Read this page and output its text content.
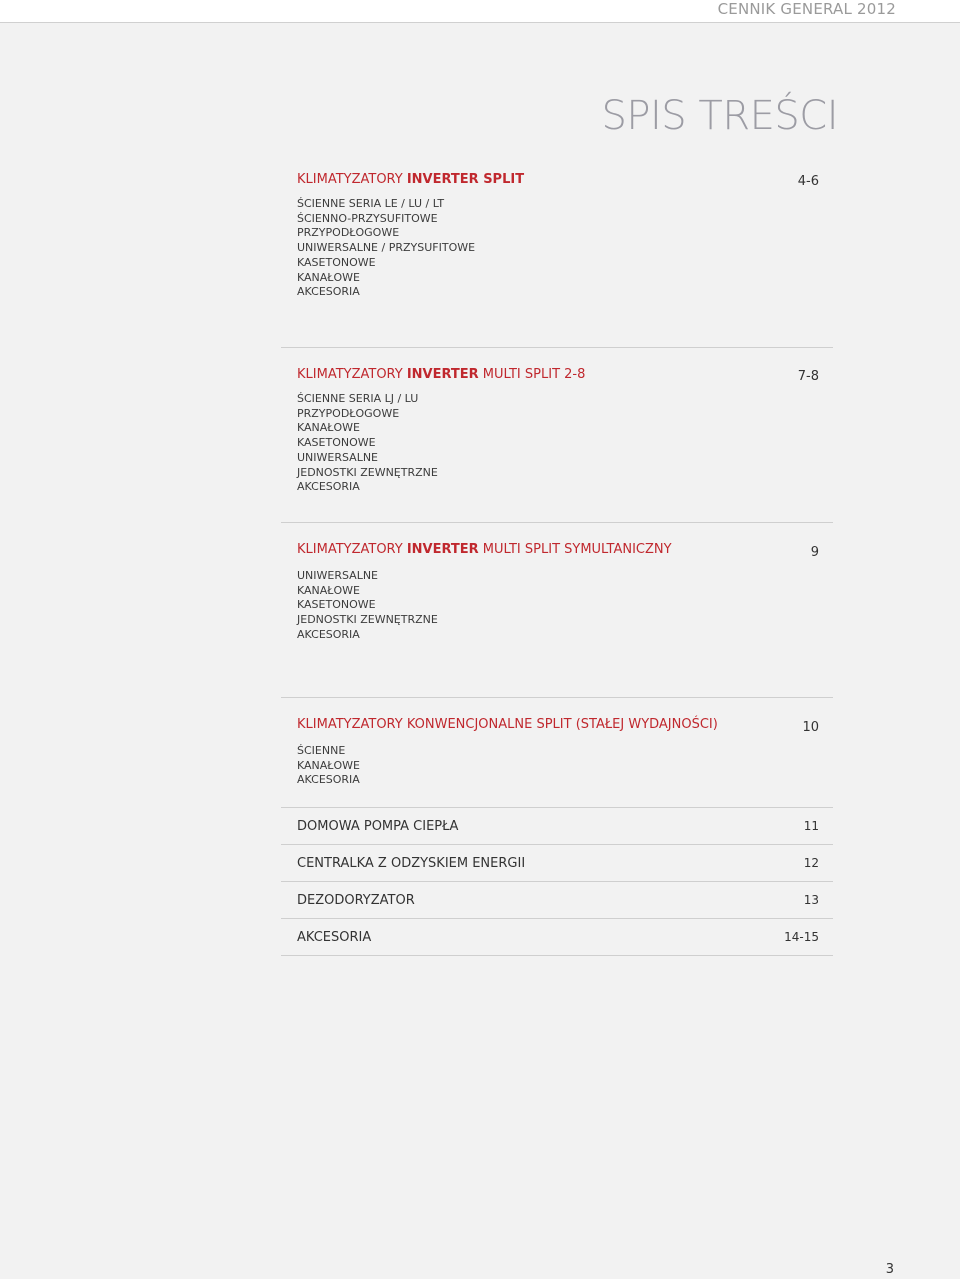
CENNIK GENERAL 2012
SPIS TREŚCI
KLIMATYZATORY INVERTER SPLIT	4-6
ŚCIENNE SERIA LE / LU / LT
ŚCIENNO-PRZYSUFITOWE
PRZYPODŁOGOWE
UNIWERSALNE / PRZYSUFITOWE
KASETONOWE
KANAŁOWE
AKCESORIA
KLIMATYZATORY INVERTER MULTI SPLIT 2-8	7-8
ŚCIENNE SERIA LJ / LU
PRZYPODŁOGOWE
KANAŁOWE
KASETONOWE
UNIWERSALNE
JEDNOSTKI ZEWNĘTRZNE
AKCESORIA
KLIMATYZATORY INVERTER MULTI SPLIT SYMULTANICZNY	9
UNIWERSALNE
KANAŁOWE
KASETONOWE
JEDNOSTKI ZEWNĘTRZNE
AKCESORIA
KLIMATYZATORY KONWENCJONALNE SPLIT (STAŁEJ WYDAJNOŚCI)	10
ŚCIENNE
KANAŁOWE
AKCESORIA
DOMOWA POMPA CIEPŁA	11
CENTRALKA Z ODZYSKIEM ENERGII	12
DEZODORYZATOR	13
AKCESORIA	14-15
3
